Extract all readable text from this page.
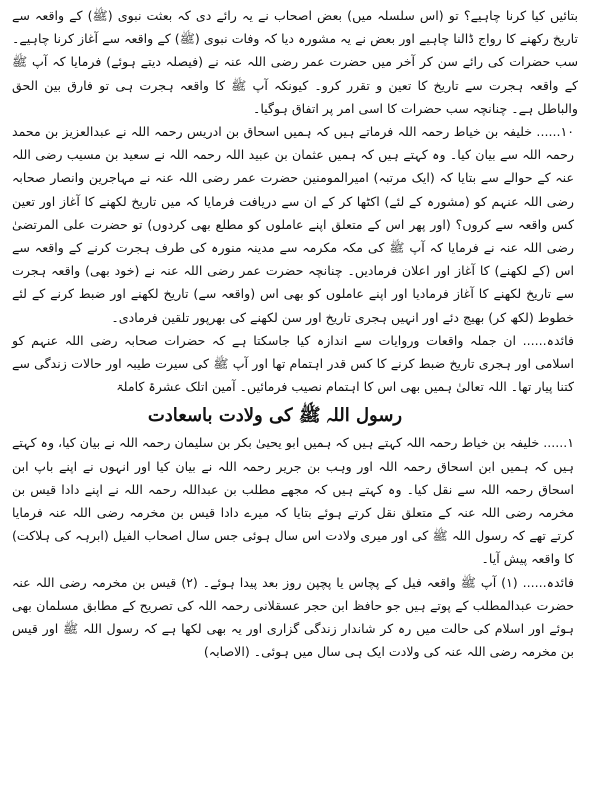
بتائیں کیا کرنا چاہیے؟ تو (اس سلسلہ میں) بعض اصحاب نے یہ رائے دی کہ بعثت نبوی (ﷺ) کے واقعہ سے تاریخ رکھنے کا رواج ڈالنا چاہیے اور بعض نے یہ مشورہ دیا کہ وفات نبوی (ﷺ) کے واقعہ سے آغاز کرنا چاہیے۔ سب حضرات کی رائے سن کر آخر میں حضرت عمر رضی اللہ عنہ نے (فیصلہ دیتے ہوئے) فرمایا کہ آپ ﷺ کے واقعہ ہجرت سے تاریخ کا تعین و تقرر کرو۔ کیونکہ آپ ﷺ کا واقعہ ہجرت ہی تو فارق بین الحق والباطل ہے۔ چنانچہ سب حضرات کا اسی امر پر اتفاق ہوگیا۔

١٠...... خلیفہ بن خیاط رحمہ اللہ فرماتے ہیں کہ ہمیں اسحاق بن ادریس رحمہ اللہ نے عبدالعزیز بن محمد رحمہ اللہ سے بیان کیا۔ وہ کہتے ہیں کہ ہمیں عثمان بن عبید اللہ رحمہ اللہ نے سعید بن مسیب رضی اللہ عنہ کے حوالے سے بتایا کہ (ایک مرتبہ) امیرالمومنین حضرت عمر رضی اللہ عنہ نے مہاجرین وانصار صحابہ رضی اللہ عنہم کو (مشورہ کے لئے) اکٹھا کر کے ان سے دریافت فرمایا کہ میں تاریخ لکھنے کا آغاز اور تعین کس واقعہ سے کروں؟ (اور پھر اس کے متعلق اپنے عاملوں کو مطلع بھی کردوں) تو حضرت علی المرتضیٰ رضی اللہ عنہ نے فرمایا کہ آپ ﷺ کی مکہ مکرمہ سے مدینہ منورہ کی طرف ہجرت کرنے کے واقعہ سے اس (کے لکھنے) کا آغاز اور اعلان فرمادیں۔ چنانچہ حضرت عمر رضی اللہ عنہ نے (خود بھی) واقعہ ہجرت سے تاریخ لکھنے کا آغاز فرمادیا اور اپنے عاملوں کو بھی اس (واقعہ سے) تاریخ لکھنے اور ضبط کرنے کے لئے خطوط (لکھ کر) بھیج دئے اور انہیں ہجری تاریخ اور سن لکھنے کی بھرپور تلقین فرمادی۔

فائدہ...... ان جملہ واقعات وروایات سے اندازہ کیا جاسکتا ہے کہ حضرات صحابہ رضی اللہ عنہم کو اسلامی اور ہجری تاریخ ضبط کرنے کا کس قدر اہتمام تھا اور آپ ﷺ کی سیرت طیبہ اور حالات زندگی سے کتنا پیار تھا۔ اللہ تعالیٰ ہمیں بھی اس کا اہتمام نصیب فرمائیں۔ آمین اتلک عشرۃ کاملۃ

رسول اللہ ﷺ کی ولادت باسعادت

١...... خلیفہ بن خیاط رحمہ اللہ کہتے ہیں کہ ہمیں ابو یحییٰ بکر بن سلیمان رحمہ اللہ نے بیان کیا، وہ کہتے ہیں کہ ہمیں ابن اسحاق رحمہ اللہ اور وہب بن جریر رحمہ اللہ نے بیان کیا اور انہوں نے اپنے باپ ابن اسحاق رحمہ اللہ سے نقل کیا۔ وہ کہتے ہیں کہ مجھے مطلب بن عبداللہ رحمہ اللہ نے اپنے دادا قیس بن مخرمہ رضی اللہ عنہ کے متعلق نقل کرتے ہوئے بتایا کہ میرے دادا قیس بن مخرمہ رضی اللہ عنہ فرمایا کرتے تھے کہ رسول اللہ ﷺ کی اور میری ولادت اس سال ہوئی جس سال اصحاب الفیل (ابرہہ کی ہلاکت) کا واقعہ پیش آیا۔

فائدہ...... (١) آپ ﷺ واقعہ فیل کے پچاس یا پچپن روز بعد پیدا ہوئے۔ (٢) قیس بن مخرمہ رضی اللہ عنہ حضرت عبدالمطلب کے پوتے ہیں جو حافظ ابن حجر عسقلانی رحمہ اللہ کی تصریح کے مطابق مسلمان بھی ہوئے اور اسلام کی حالت میں رہ کر شاندار زندگی گزاری اور یہ بھی لکھا ہے کہ رسول اللہ ﷺ اور قیس بن مخرمہ رضی اللہ عنہ کی ولادت ایک ہی سال میں ہوئی۔ (الاصابہ)
